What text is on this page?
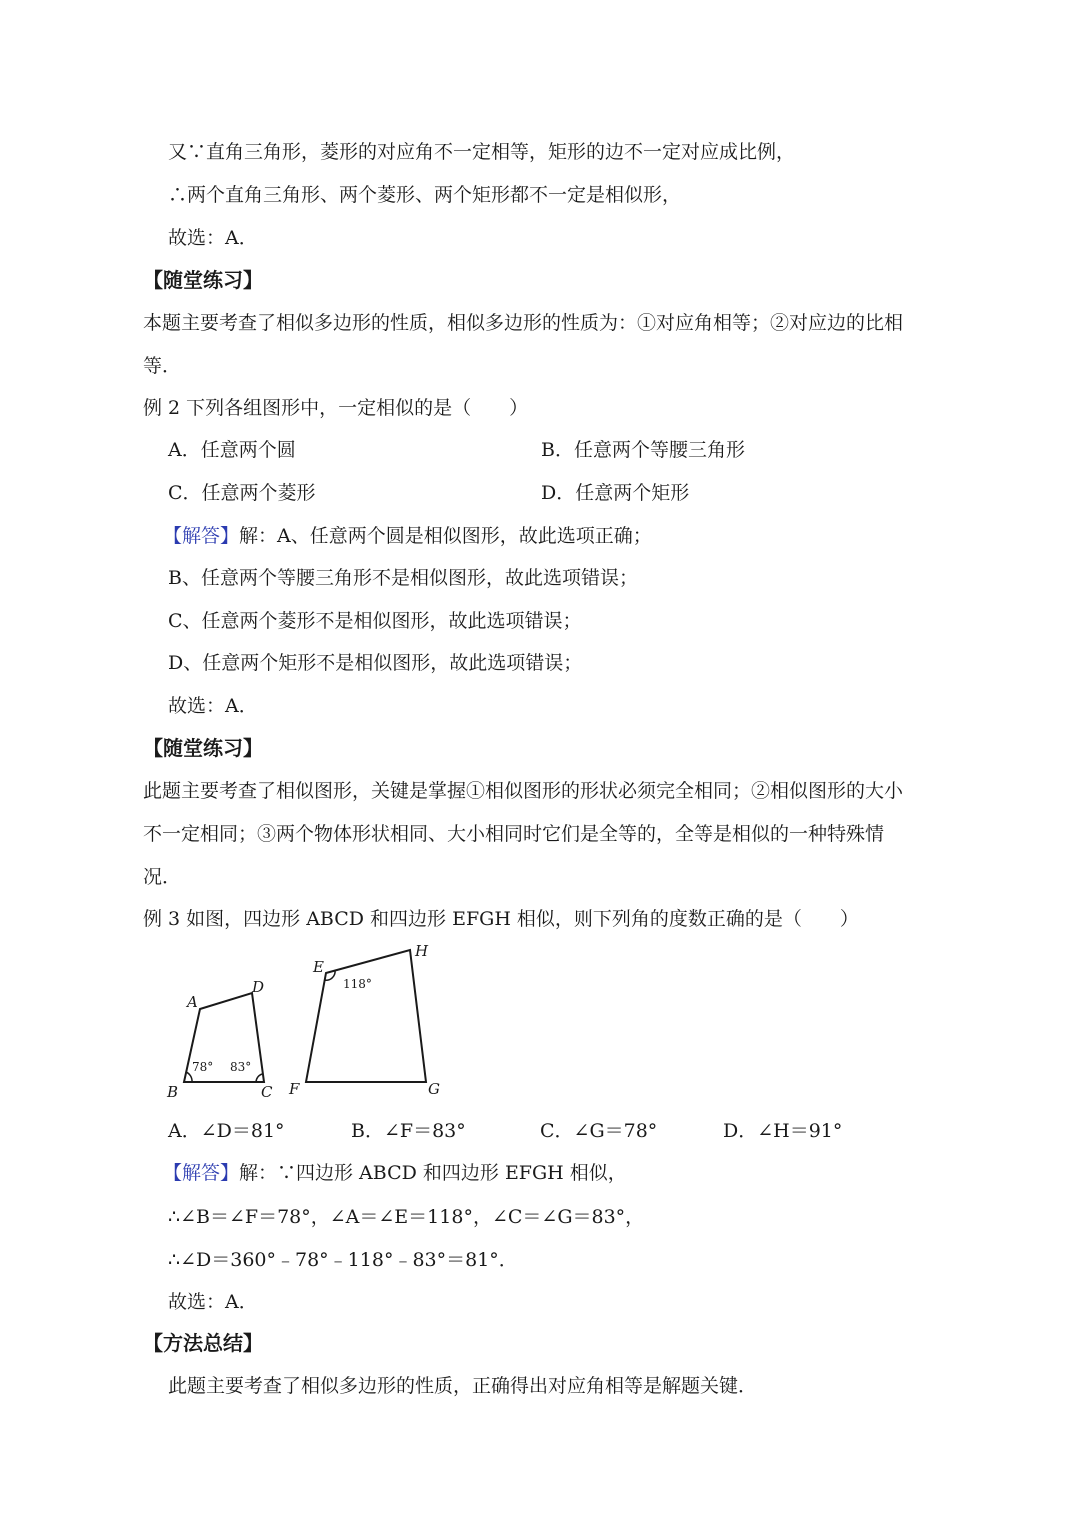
又∵直角三角形，菱形的对应角不一定相等，矩形的边不一定对应成比例，
∴两个直角三角形、两个菱形、两个矩形都不一定是相似形，
故选：A．
【随堂练习】
本题主要考查了相似多边形的性质，相似多边形的性质为：①对应角相等；②对应边的比相
等．
例 2 下列各组图形中，一定相似的是（　　）
A．任意两个圆	B．任意两个等腰三角形
C．任意两个菱形	D．任意两个矩形
【解答】解：A、任意两个圆是相似图形，故此选项正确；
B、任意两个等腰三角形不是相似图形，故此选项错误；
C、任意两个菱形不是相似图形，故此选项错误；
D、任意两个矩形不是相似图形，故此选项错误；
故选：A．
【随堂练习】
此题主要考查了相似图形，关键是掌握①相似图形的形状必须完全相同；②相似图形的大小
不一定相同；③两个物体形状相同、大小相同时它们是全等的，全等是相似的一种特殊情
况．
例 3 如图，四边形 ABCD 和四边形 EFGH 相似，则下列角的度数正确的是（　　）
A
D
B	C
E
H
F	G
78° 83°
118°
A．∠D＝81°	B．∠F＝83°	C．∠G＝78°	D．∠H＝91°
【解答】解：∵四边形 ABCD 和四边形 EFGH 相似，
∴∠B＝∠F＝78°，∠A＝∠E＝118°，∠C＝∠G＝83°，
∴∠D＝360°﹣78°﹣118°﹣83°＝81°．
故选：A．
【方法总结】
此题主要考查了相似多边形的性质，正确得出对应角相等是解题关键．
